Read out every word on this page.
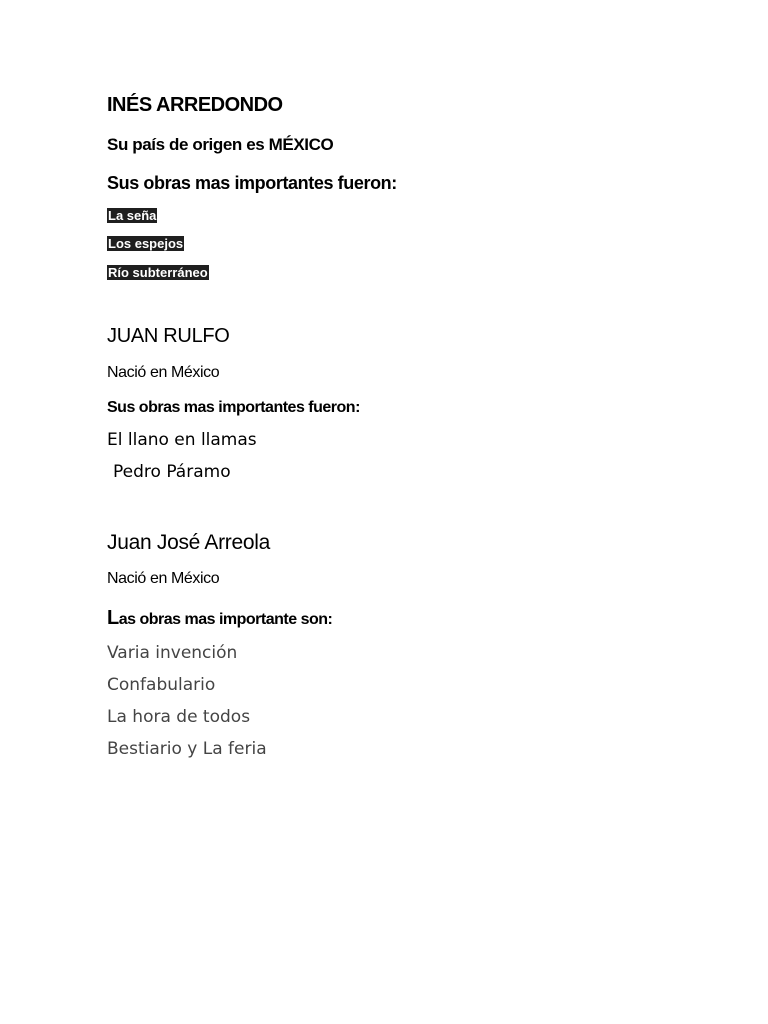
INÉS ARREDONDO

Su país de origen es MÉXICO

Sus obras mas importantes fueron:

La seña

Los espejos

Río subterráneo

JUAN RULFO

Nació en México

Sus obras mas importantes fueron:

El llano en llamas

Pedro Páramo

Juan José Arreola

Nació en México

Las obras mas importante son:

Varia invención

Confabulario

La hora de todos

Bestiario y La feria
